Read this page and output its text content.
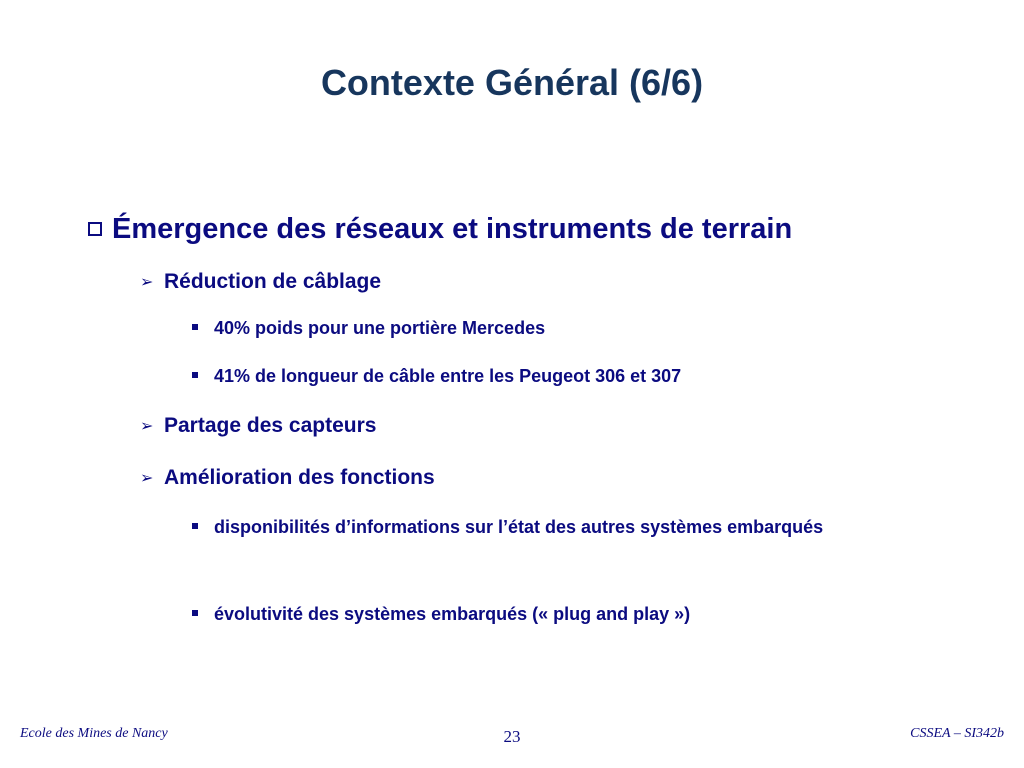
Contexte Général (6/6)
Émergence des réseaux et instruments de terrain
➢ Réduction de câblage
40% poids pour une portière Mercedes
41% de longueur de câble entre les Peugeot 306 et 307
➢ Partage des capteurs
➢ Amélioration des fonctions
disponibilités d’informations sur l’état des autres systèmes embarqués
évolutivité des systèmes embarqués (« plug and play »)
Ecole des Mines de Nancy	23	CSSEA – SI342b
